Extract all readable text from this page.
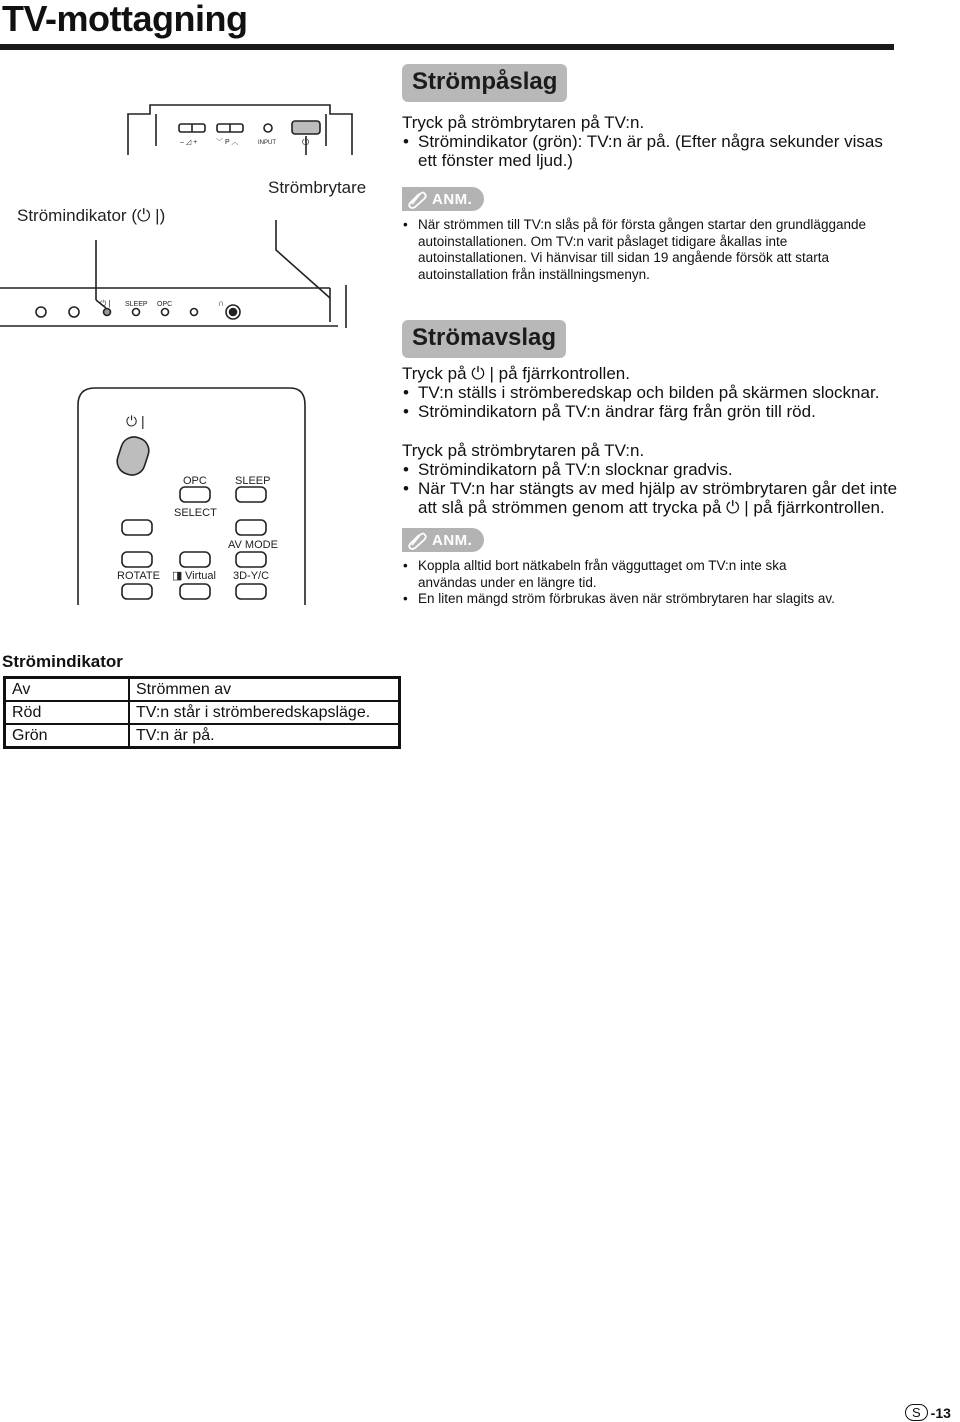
TV-mottagning
– ◿ +	﹀ P ︿	INPUT	⏻
⏻ | SLEEP OPC	∩
⏻ |
OPC	SLEEP
SELECT
AV MODE
ROTATE ◨ Virtual 3D-Y/C
Strömindikator (⏻ |)
Strömbrytare
Strömpåslag
Tryck på strömbrytaren på TV:n.
• Strömindikator (grön): TV:n är på. (Efter några sekunder visas ett fönster med ljud.)
ANM.
• När strömmen till TV:n slås på för första gången startar den grundläggande autoinstallationen. Om TV:n varit påslaget tidigare åkallas inte autoinstallationen. Vi hänvisar till sidan 19 angående försök att starta autoinstallation från inställningsmenyn.
Strömavslag
Tryck på ⏻ | på fjärrkontrollen.
• TV:n ställs i strömberedskap och bilden på skärmen slocknar.
• Strömindikatorn på TV:n ändrar färg från grön till röd.
Tryck på strömbrytaren på TV:n.
• Strömindikatorn på TV:n slocknar gradvis.
• När TV:n har stängts av med hjälp av strömbrytaren går det inte att slå på strömmen genom att trycka på ⏻ | på fjärrkontrollen.
ANM.
• Koppla alltid bort nätkabeln från vägguttaget om TV:n inte ska användas under en längre tid.
• En liten mängd ström förbrukas även när strömbrytaren har slagits av.
Strömindikator
Av	Strömmen av
Röd	TV:n står i strömberedskapsläge.
Grön	TV:n är på.
S - 13
